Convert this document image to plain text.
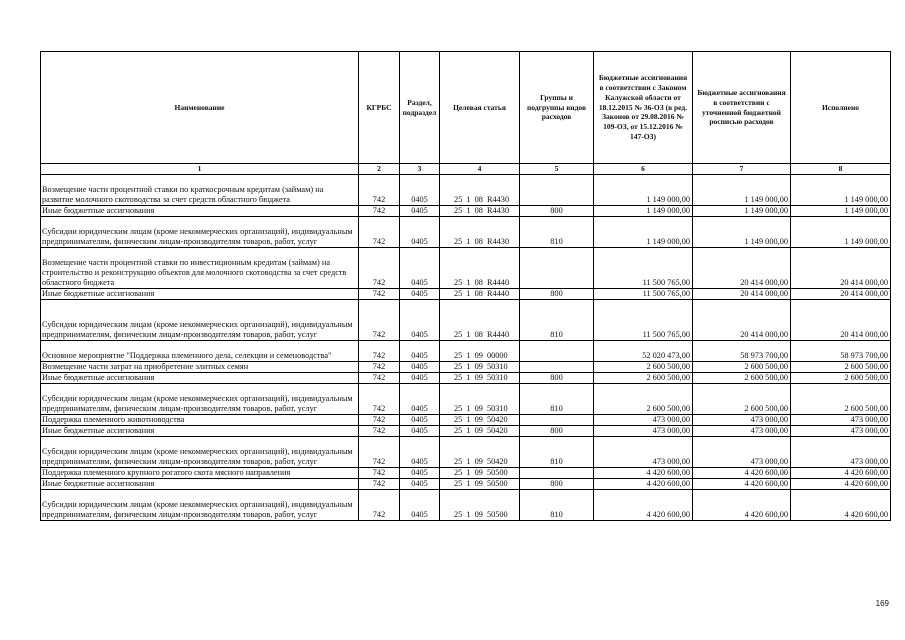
Наименование	КГРБС	Раздел, подраздел	Целевая статья	Группы и подгруппы видов расходов	Бюджетные ассигнования в соответствии с Законом Калужской области от 18.12.2015 № 36-ОЗ (в ред. Законов от 29.08.2016 № 109-ОЗ, от 15.12.2016 № 147-ОЗ)	Бюджетные ассигнования в соответствии с уточненной бюджетной росписью расходов	Исполнено
1	2	3	4	5	6	7	8
Возмещение части процентной ставки по краткосрочным кредитам (займам) на развитие молочного скотоводства за счет средств областного бюджета	742	0405	25 1 08 R4430		1 149 000,00	1 149 000,00	1 149 000,00
Иные бюджетные ассигнования	742	0405	25 1 08 R4430	800	1 149 000,00	1 149 000,00	1 149 000,00
Субсидии юридическим лицам (кроме некоммерческих организаций), индивидуальным предпринимателям, физическим лицам-производителям товаров, работ, услуг	742	0405	25 1 08 R4430	810	1 149 000,00	1 149 000,00	1 149 000,00
Возмещение части процентной ставки по инвестиционным кредитам (займам) на строительство и реконструкцию объектов для молочного скотоводства за счет средств областного бюджета	742	0405	25 1 08 R4440		11 500 765,00	20 414 000,00	20 414 000,00
Иные бюджетные ассигнования	742	0405	25 1 08 R4440	800	11 500 765,00	20 414 000,00	20 414 000,00
Субсидии юридическим лицам (кроме некоммерческих организаций), индивидуальным предпринимателям, физическим лицам-производителям товаров, работ, услуг	742	0405	25 1 08 R4440	810	11 500 765,00	20 414 000,00	20 414 000,00
Основное мероприятие "Поддержка племенного дела, селекции и семеноводства"	742	0405	25 1 09 00000		52 020 473,00	58 973 700,00	58 973 700,00
Возмещение части затрат на приобретение элитных семян	742	0405	25 1 09 50310		2 600 500,00	2 600 500,00	2 600 500,00
Иные бюджетные ассигнования	742	0405	25 1 09 50310	800	2 600 500,00	2 600 500,00	2 600 500,00
Субсидии юридическим лицам (кроме некоммерческих организаций), индивидуальным предпринимателям, физическим лицам-производителям товаров, работ, услуг	742	0405	25 1 09 50310	810	2 600 500,00	2 600 500,00	2 600 500,00
Поддержка племенного животноводства	742	0405	25 1 09 50420		473 000,00	473 000,00	473 000,00
Иные бюджетные ассигнования	742	0405	25 1 09 50420	800	473 000,00	473 000,00	473 000,00
Субсидии юридическим лицам (кроме некоммерческих организаций), индивидуальным предпринимателям, физическим лицам-производителям товаров, работ, услуг	742	0405	25 1 09 50420	810	473 000,00	473 000,00	473 000,00
Поддержка племенного крупного рогатого скота мясного направления	742	0405	25 1 09 50500		4 420 600,00	4 420 600,00	4 420 600,00
Иные бюджетные ассигнования	742	0405	25 1 09 50500	800	4 420 600,00	4 420 600,00	4 420 600,00
Субсидии юридическим лицам (кроме некоммерческих организаций), индивидуальным предпринимателям, физическим лицам-производителям товаров, работ, услуг	742	0405	25 1 09 50500	810	4 420 600,00	4 420 600,00	4 420 600,00
169
